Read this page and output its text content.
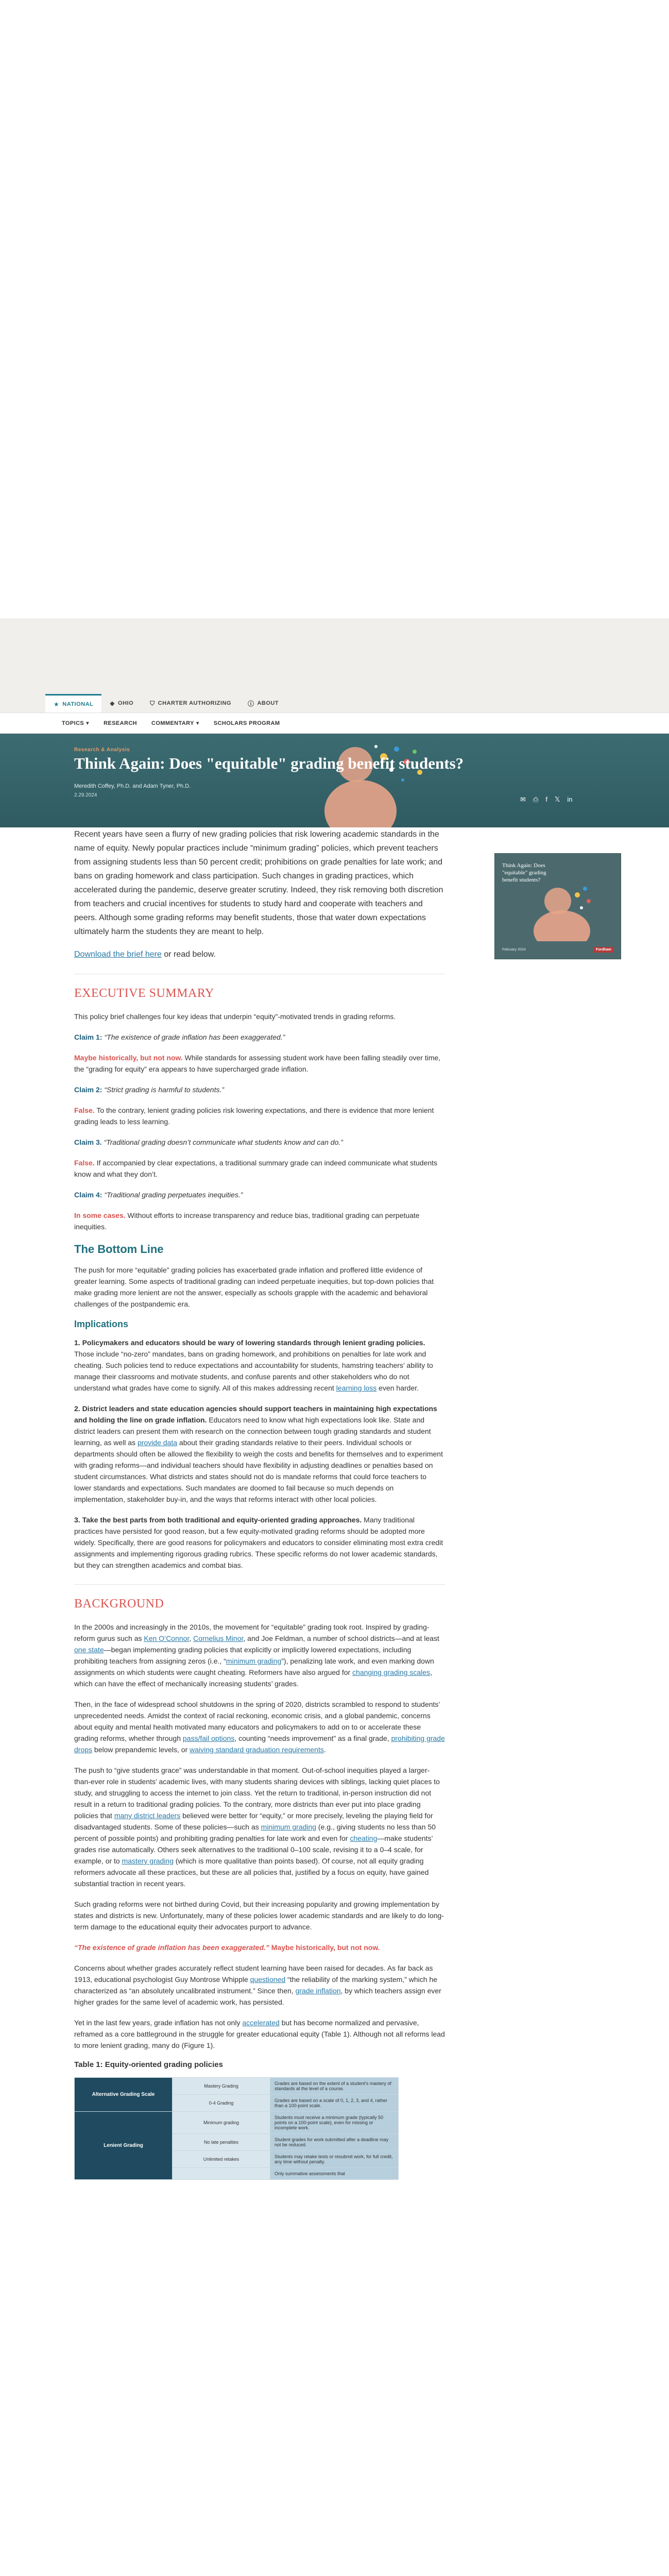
★ NATIONAL	◆ OHIO	⛉ CHARTER AUTHORIZING	ⓘ ABOUT
TOPICS ▾	RESEARCH	COMMENTARY ▾	SCHOLARS PROGRAM
Research & Analysis
Think Again: Does "equitable" grading benefit students?
Meredith Coffey, Ph.D. and Adam Tyner, Ph.D.
2.29.2024
✉ ⎙ f 𝕏 in
Think Again: Does "equitable" grading benefit students?
February 2024	Fordham

Recent years have seen a flurry of new grading policies that risk lowering academic standards in the name of equity. Newly popular practices include “minimum grading” policies, which prevent teachers from assigning students less than 50 percent credit; prohibitions on grade penalties for late work; and bans on grading homework and class participation. Such changes in grading practices, which accelerated during the pandemic, deserve greater scrutiny. Indeed, they risk removing both discretion from teachers and crucial incentives for students to study hard and cooperate with teachers and peers. Although some grading reforms may benefit students, those that water down expectations ultimately harm the students they are meant to help.

Download the brief here or read below.

EXECUTIVE SUMMARY

This policy brief challenges four key ideas that underpin “equity”-motivated trends in grading reforms.

Claim 1: “The existence of grade inflation has been exaggerated.”

Maybe historically, but not now. While standards for assessing student work have been falling steadily over time, the “grading for equity” era appears to have supercharged grade inflation.

Claim 2: “Strict grading is harmful to students.”

False. To the contrary, lenient grading policies risk lowering expectations, and there is evidence that more lenient grading leads to less learning.

Claim 3. “Traditional grading doesn’t communicate what students know and can do.”

False. If accompanied by clear expectations, a traditional summary grade can indeed communicate what students know and what they don’t.

Claim 4: “Traditional grading perpetuates inequities.”

In some cases. Without efforts to increase transparency and reduce bias, traditional grading can perpetuate inequities.

The Bottom Line

The push for more “equitable” grading policies has exacerbated grade inflation and proffered little evidence of greater learning. Some aspects of traditional grading can indeed perpetuate inequities, but top-down policies that make grading more lenient are not the answer, especially as schools grapple with the academic and behavioral challenges of the postpandemic era.

Implications

1. Policymakers and educators should be wary of lowering standards through lenient grading policies. Those include “no-zero” mandates, bans on grading homework, and prohibitions on penalties for late work and cheating. Such policies tend to reduce expectations and accountability for students, hamstring teachers’ ability to manage their classrooms and motivate students, and confuse parents and other stakeholders who do not understand what grades have come to signify. All of this makes addressing recent learning loss even harder.

2. District leaders and state education agencies should support teachers in maintaining high expectations and holding the line on grade inflation. Educators need to know what high expectations look like. State and district leaders can present them with research on the connection between tough grading standards and student learning, as well as provide data about their grading standards relative to their peers. Individual schools or departments should often be allowed the flexibility to weigh the costs and benefits for themselves and to experiment with grading reforms—and individual teachers should have flexibility in adjusting deadlines or penalties based on student circumstances. What districts and states should not do is mandate reforms that could force teachers to lower standards and expectations. Such mandates are doomed to fail because so much depends on implementation, stakeholder buy-in, and the ways that reforms interact with other local policies.

3. Take the best parts from both traditional and equity-oriented grading approaches. Many traditional practices have persisted for good reason, but a few equity-motivated grading reforms should be adopted more widely. Specifically, there are good reasons for policymakers and educators to consider eliminating most extra credit assignments and implementing rigorous grading rubrics. These specific reforms do not lower academic standards, but they can strengthen academics and combat bias.

BACKGROUND

In the 2000s and increasingly in the 2010s, the movement for “equitable” grading took root. Inspired by grading-reform gurus such as Ken O’Connor, Cornelius Minor, and Joe Feldman, a number of school districts—and at least one state—began implementing grading policies that explicitly or implicitly lowered expectations, including prohibiting teachers from assigning zeros (i.e., “minimum grading”), penalizing late work, and even marking down assignments on which students were caught cheating. Reformers have also argued for changing grading scales, which can have the effect of mechanically increasing students’ grades.

Then, in the face of widespread school shutdowns in the spring of 2020, districts scrambled to respond to students’ unprecedented needs. Amidst the context of racial reckoning, economic crisis, and a global pandemic, concerns about equity and mental health motivated many educators and policymakers to add on to or accelerate these grading reforms, whether through pass/fail options, counting “needs improvement” as a final grade, prohibiting grade drops below prepandemic levels, or waiving standard graduation requirements.

The push to “give students grace” was understandable in that moment. Out-of-school inequities played a larger-than-ever role in students’ academic lives, with many students sharing devices with siblings, lacking quiet places to study, and struggling to access the internet to join class. Yet the return to traditional, in-person instruction did not result in a return to traditional grading policies. To the contrary, more districts than ever put into place grading policies that many district leaders believed were better for “equity,” or more precisely, leveling the playing field for disadvantaged students. Some of these policies—such as minimum grading (e.g., giving students no less than 50 percent of possible points) and prohibiting grading penalties for late work and even for cheating—make students’ grades rise automatically. Others seek alternatives to the traditional 0–100 scale, revising it to a 0–4 scale, for example, or to mastery grading (which is more qualitative than points based). Of course, not all equity grading reformers advocate all these practices, but these are all policies that, justified by a focus on equity, have gained substantial traction in recent years.

Such grading reforms were not birthed during Covid, but their increasing popularity and growing implementation by states and districts is new. Unfortunately, many of these policies lower academic standards and are likely to do long-term damage to the educational equity their advocates purport to advance.

“The existence of grade inflation has been exaggerated.” Maybe historically, but not now.

Concerns about whether grades accurately reflect student learning have been raised for decades. As far back as 1913, educational psychologist Guy Montrose Whipple questioned “the reliability of the marking system,” which he characterized as “an absolutely uncalibrated instrument.” Since then, grade inflation, by which teachers assign ever higher grades for the same level of academic work, has persisted.

Yet in the last few years, grade inflation has not only accelerated but has become normalized and pervasive, reframed as a core battleground in the struggle for greater educational equity (Table 1). Although not all reforms lead to more lenient grading, many do (Figure 1).

Table 1: Equity-oriented grading policies
Alternative Grading Scale	Mastery Grading	Grades are based on the extent of a student's mastery of standards at the level of a course.
	0-4 Grading	Grades are based on a scale of 0, 1, 2, 3, and 4, rather than a 100-point scale.
Lenient Grading	Minimum grading	Students must receive a minimum grade (typically 50 points on a 100-point scale), even for missing or incomplete work.
	No late penalties	Student grades for work submitted after a deadline may not be reduced.
	Unlimited retakes	Students may retake tests or resubmit work, for full credit, any time without penalty.
		Only summative assessments that
